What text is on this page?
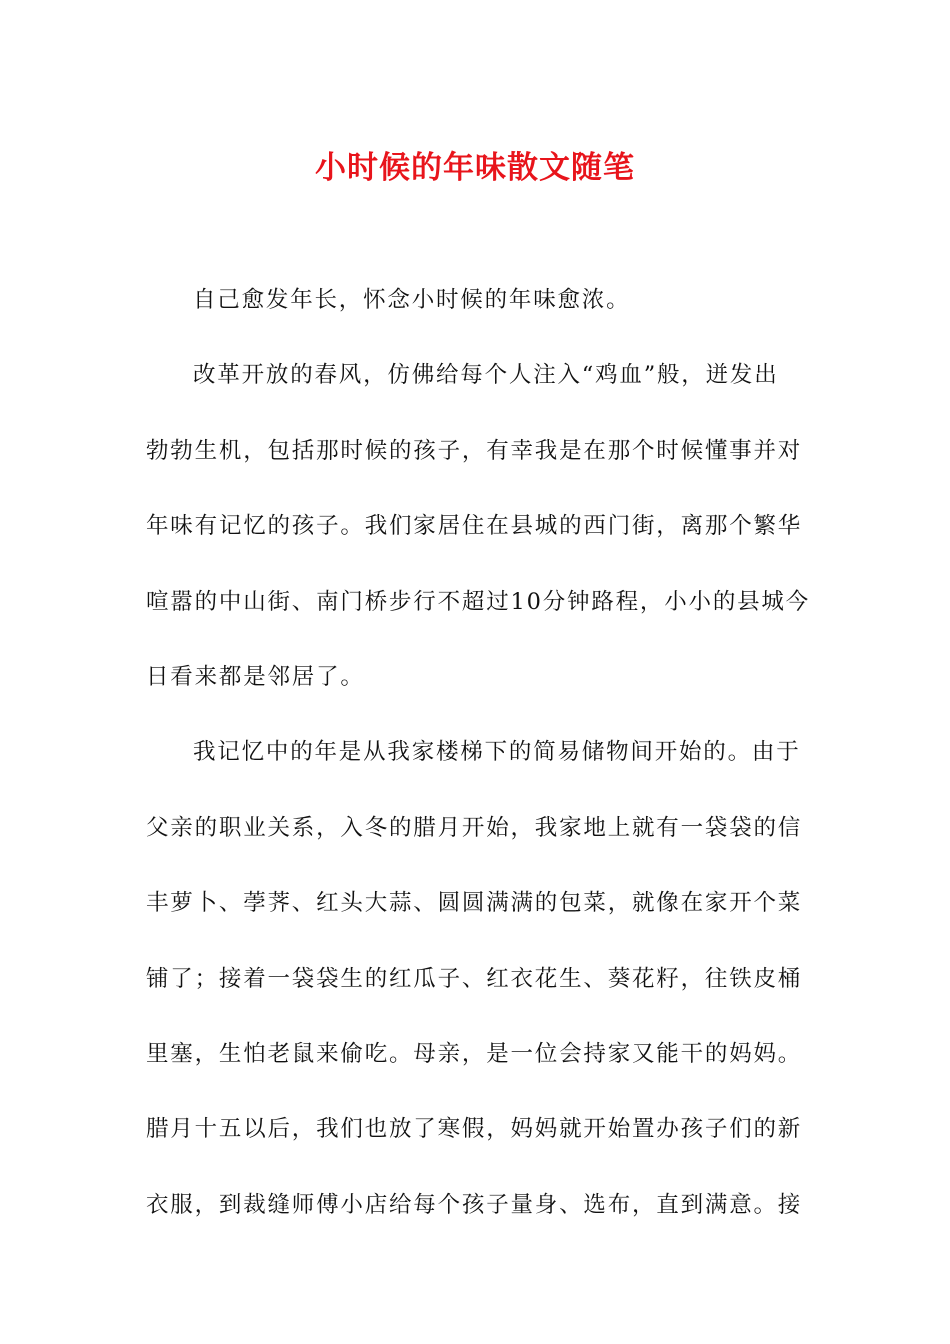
小时候的年味散文随笔
自己愈发年长，怀念小时候的年味愈浓。
改革开放的春风，仿佛给每个人注入“鸡血”般，迸发出
勃勃生机，包括那时候的孩子，有幸我是在那个时候懂事并对
年味有记忆的孩子。我们家居住在县城的西门街，离那个繁华
喧嚣的中山街、南门桥步行不超过10分钟路程，小小的县城今
日看来都是邻居了。
我记忆中的年是从我家楼梯下的简易储物间开始的。由于
父亲的职业关系，入冬的腊月开始，我家地上就有一袋袋的信
丰萝卜、荸荠、红头大蒜、圆圆满满的包菜，就像在家开个菜
铺了；接着一袋袋生的红瓜子、红衣花生、葵花籽，往铁皮桶
里塞，生怕老鼠来偷吃。母亲，是一位会持家又能干的妈妈。
腊月十五以后，我们也放了寒假，妈妈就开始置办孩子们的新
衣服，到裁缝师傅小店给每个孩子量身、选布，直到满意。接
